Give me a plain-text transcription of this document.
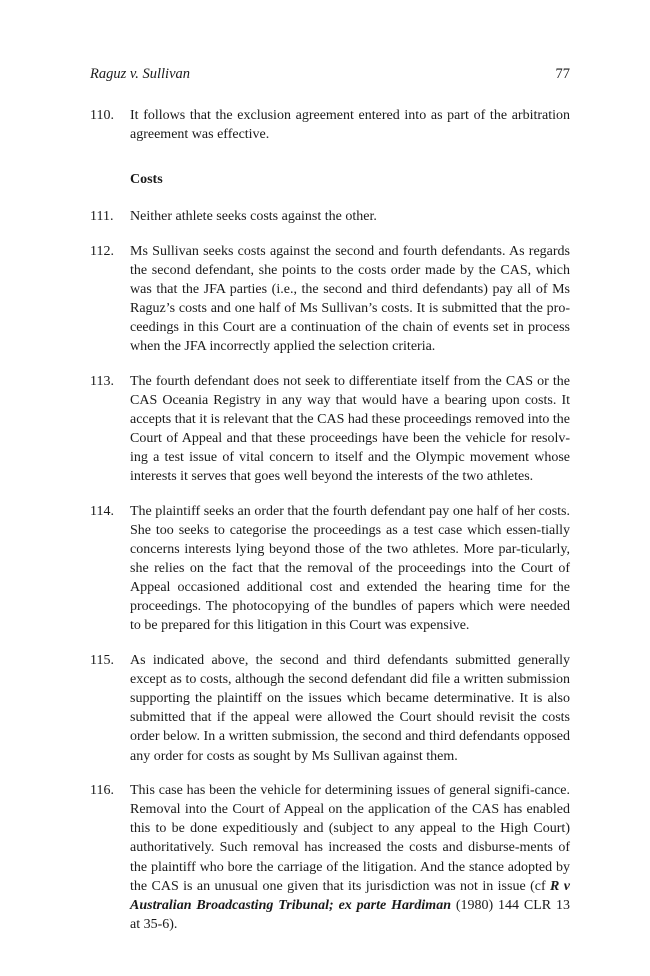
Raguz v. Sullivan	77
110.	It follows that the exclusion agreement entered into as part of the arbitration agreement was effective.
Costs
111.	Neither athlete seeks costs against the other.
112.	Ms Sullivan seeks costs against the second and fourth defendants. As regards the second defendant, she points to the costs order made by the CAS, which was that the JFA parties (i.e., the second and third defendants) pay all of Ms Raguz’s costs and one half of Ms Sullivan’s costs. It is submitted that the pro-ceedings in this Court are a continuation of the chain of events set in process when the JFA incorrectly applied the selection criteria.
113.	The fourth defendant does not seek to differentiate itself from the CAS or the CAS Oceania Registry in any way that would have a bearing upon costs. It accepts that it is relevant that the CAS had these proceedings removed into the Court of Appeal and that these proceedings have been the vehicle for resolv-ing a test issue of vital concern to itself and the Olympic movement whose interests it serves that goes well beyond the interests of the two athletes.
114.	The plaintiff seeks an order that the fourth defendant pay one half of her costs. She too seeks to categorise the proceedings as a test case which essen-tially concerns interests lying beyond those of the two athletes. More par-ticularly, she relies on the fact that the removal of the proceedings into the Court of Appeal occasioned additional cost and extended the hearing time for the proceedings. The photocopying of the bundles of papers which were needed to be prepared for this litigation in this Court was expensive.
115.	As indicated above, the second and third defendants submitted generally except as to costs, although the second defendant did file a written submission supporting the plaintiff on the issues which became determinative. It is also submitted that if the appeal were allowed the Court should revisit the costs order below. In a written submission, the second and third defendants opposed any order for costs as sought by Ms Sullivan against them.
116.	This case has been the vehicle for determining issues of general signifi-cance. Removal into the Court of Appeal on the application of the CAS has enabled this to be done expeditiously and (subject to any appeal to the High Court) authoritatively. Such removal has increased the costs and disburse-ments of the plaintiff who bore the carriage of the litigation. And the stance adopted by the CAS is an unusual one given that its jurisdiction was not in issue (cf R v Australian Broadcasting Tribunal; ex parte Hardiman (1980) 144 CLR 13 at 35-6).
